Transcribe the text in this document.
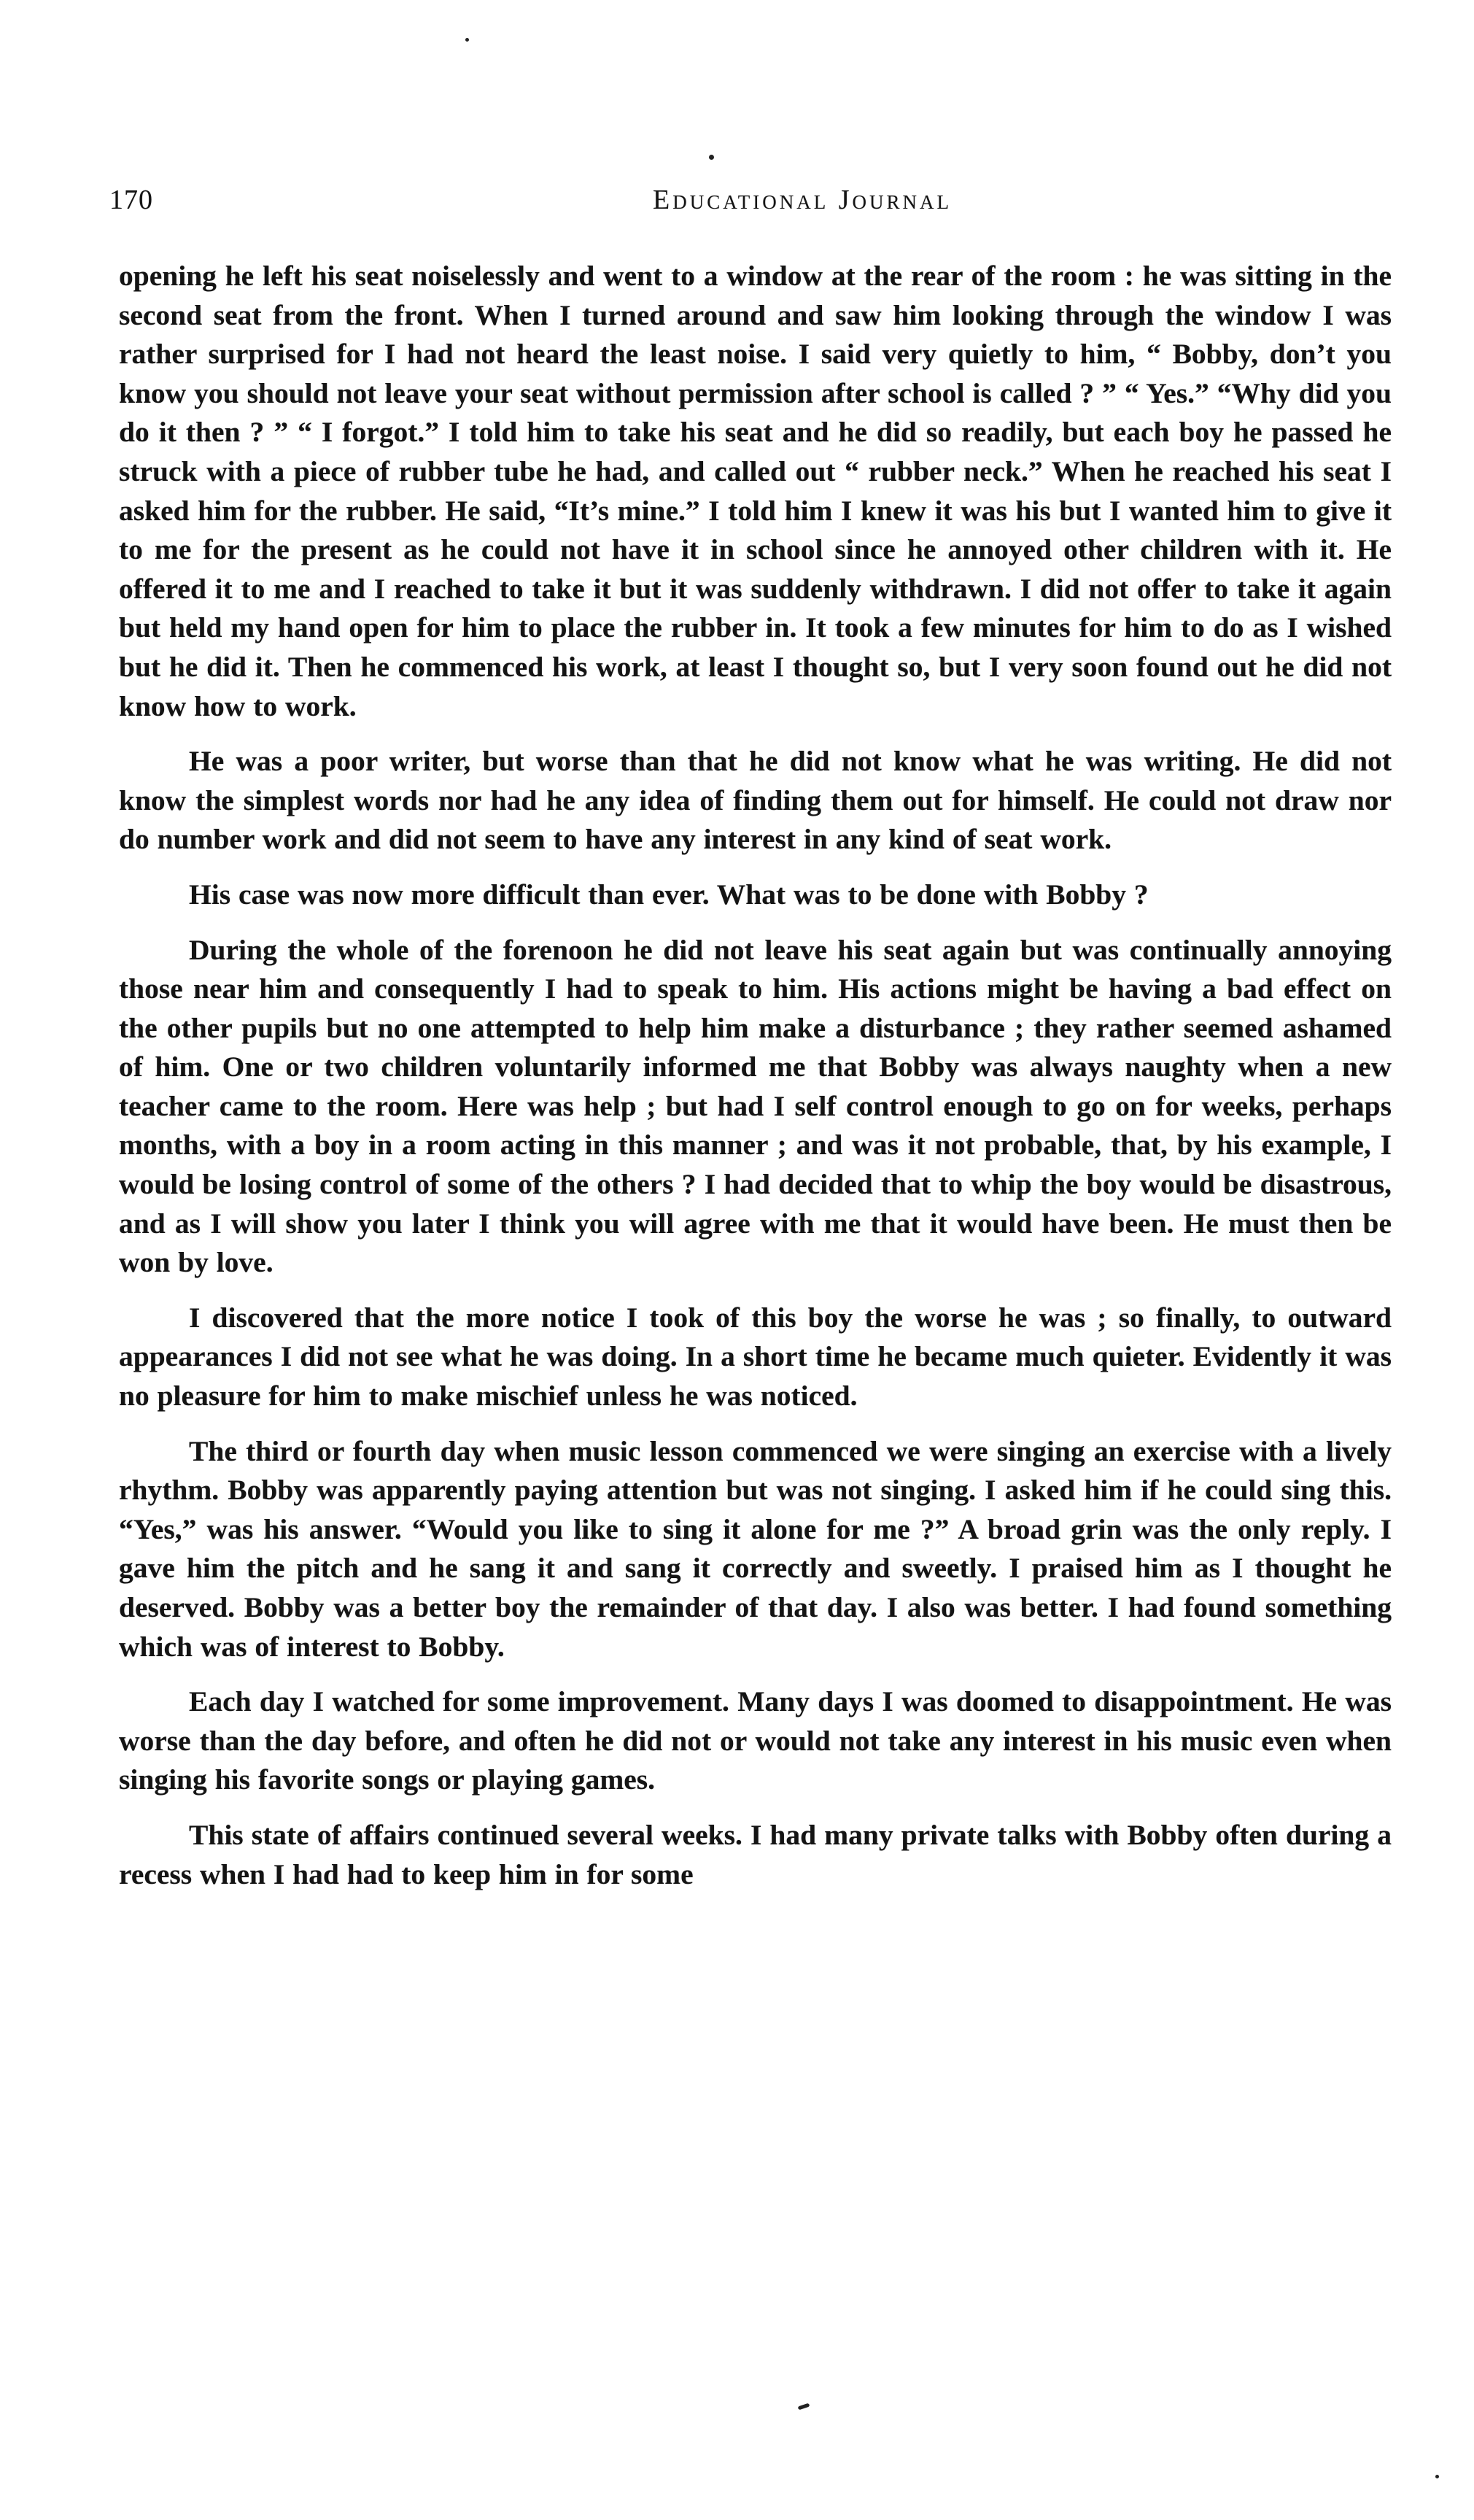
170	Educational Journal

opening he left his seat noiselessly and went to a window at the rear of the room : he was sitting in the second seat from the front. When I turned around and saw him looking through the window I was rather surprised for I had not heard the least noise. I said very quietly to him, “ Bobby, don’t you know you should not leave your seat without permission after school is called ? ” “ Yes.” “Why did you do it then ? ” “ I forgot.” I told him to take his seat and he did so readily, but each boy he passed he struck with a piece of rubber tube he had, and called out “ rubber neck.” When he reached his seat I asked him for the rubber. He said, “It’s mine.” I told him I knew it was his but I wanted him to give it to me for the present as he could not have it in school since he annoyed other children with it. He offered it to me and I reached to take it but it was suddenly withdrawn. I did not offer to take it again but held my hand open for him to place the rubber in. It took a few minutes for him to do as I wished but he did it. Then he commenced his work, at least I thought so, but I very soon found out he did not know how to work.

He was a poor writer, but worse than that he did not know what he was writing. He did not know the simplest words nor had he any idea of finding them out for himself. He could not draw nor do number work and did not seem to have any interest in any kind of seat work.

His case was now more difficult than ever. What was to be done with Bobby ?

During the whole of the forenoon he did not leave his seat again but was continually annoying those near him and consequently I had to speak to him. His actions might be having a bad effect on the other pupils but no one attempted to help him make a disturbance ; they rather seemed ashamed of him. One or two children voluntarily informed me that Bobby was always naughty when a new teacher came to the room. Here was help ; but had I self control enough to go on for weeks, perhaps months, with a boy in a room acting in this manner ; and was it not probable, that, by his example, I would be losing control of some of the others ? I had decided that to whip the boy would be disastrous, and as I will show you later I think you will agree with me that it would have been. He must then be won by love.

I discovered that the more notice I took of this boy the worse he was ; so finally, to outward appearances I did not see what he was doing. In a short time he became much quieter. Evidently it was no pleasure for him to make mischief unless he was noticed.

The third or fourth day when music lesson commenced we were singing an exercise with a lively rhythm. Bobby was apparently paying attention but was not singing. I asked him if he could sing this. “Yes,” was his answer. “Would you like to sing it alone for me ?” A broad grin was the only reply. I gave him the pitch and he sang it and sang it correctly and sweetly. I praised him as I thought he deserved. Bobby was a better boy the remainder of that day. I also was better. I had found something which was of interest to Bobby.

Each day I watched for some improvement. Many days I was doomed to disappointment. He was worse than the day before, and often he did not or would not take any interest in his music even when singing his favorite songs or playing games.

This state of affairs continued several weeks. I had many private talks with Bobby often during a recess when I had had to keep him in for some
